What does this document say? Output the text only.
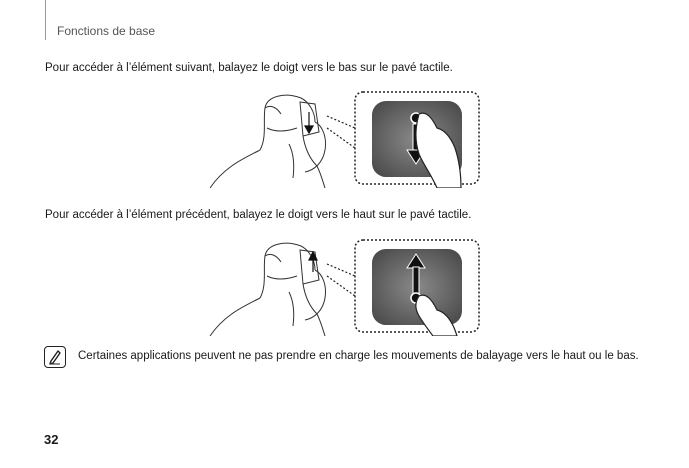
Fonctions de base
Pour accéder à l’élément suivant, balayez le doigt vers le bas sur le pavé tactile.
Pour accéder à l’élément précédent, balayez le doigt vers le haut sur le pavé tactile.
Certaines applications peuvent ne pas prendre en charge les mouvements de balayage vers le haut ou le bas.
32
